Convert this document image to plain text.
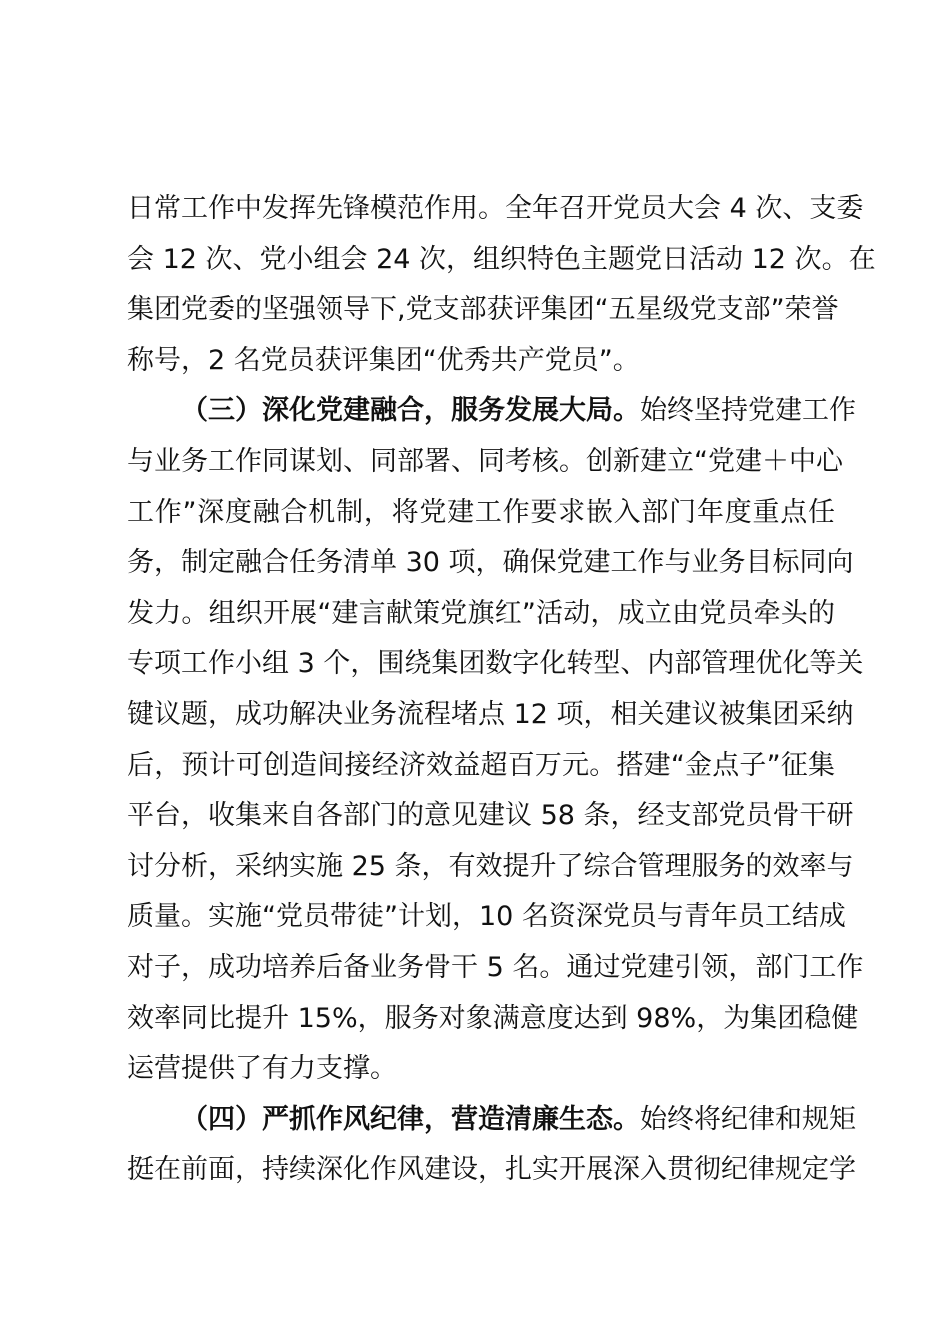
日常工作中发挥先锋模范作用。全年召开党员大会 4 次、支委
会 12 次、党小组会 24 次，组织特色主题党日活动 12 次。在
集团党委的坚强领导下,党支部获评集团“五星级党支部”荣誉
称号，2 名党员获评集团“优秀共产党员”。
（三）深化党建融合，服务发展大局。始终坚持党建工作
与业务工作同谋划、同部署、同考核。创新建立“党建＋中心
工作”深度融合机制，将党建工作要求嵌入部门年度重点任
务，制定融合任务清单 30 项，确保党建工作与业务目标同向
发力。组织开展“建言献策党旗红”活动，成立由党员牵头的
专项工作小组 3 个，围绕集团数字化转型、内部管理优化等关
键议题，成功解决业务流程堵点 12 项，相关建议被集团采纳
后，预计可创造间接经济效益超百万元。搭建“金点子”征集
平台，收集来自各部门的意见建议 58 条，经支部党员骨干研
讨分析，采纳实施 25 条，有效提升了综合管理服务的效率与
质量。实施“党员带徒”计划，10 名资深党员与青年员工结成
对子，成功培养后备业务骨干 5 名。通过党建引领，部门工作
效率同比提升 15%，服务对象满意度达到 98%，为集团稳健
运营提供了有力支撑。
（四）严抓作风纪律，营造清廉生态。始终将纪律和规矩
挺在前面，持续深化作风建设，扎实开展深入贯彻纪律规定学
